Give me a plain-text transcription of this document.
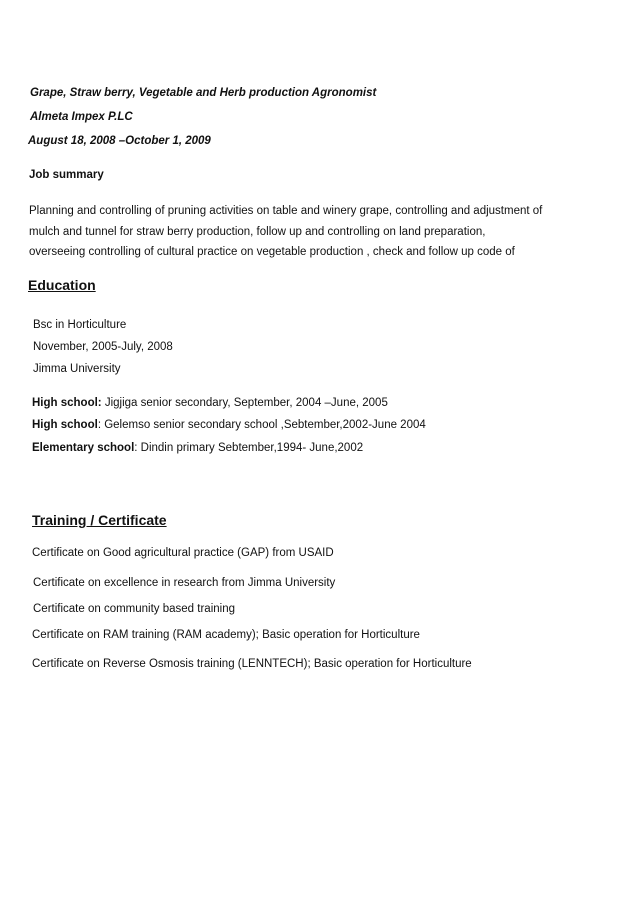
Grape, Straw berry, Vegetable and Herb production Agronomist
Almeta Impex P.LC
August 18, 2008 –October 1, 2009
Job summary
Planning and controlling of pruning activities on table and winery grape, controlling and adjustment of
mulch and tunnel for straw berry production, follow up and controlling on land preparation,
overseeing controlling of cultural practice on vegetable production , check and follow up code of
Education
Bsc in Horticulture
November, 2005-July, 2008
Jimma University
High school: Jigjiga senior secondary, September, 2004 –June, 2005
High school: Gelemso senior secondary school ,Sebtember,2002-June 2004
Elementary school: Dindin primary Sebtember,1994- June,2002
Training / Certificate
Certificate on Good agricultural practice (GAP) from USAID
Certificate on excellence in research from Jimma University
Certificate on community based training
Certificate on RAM training (RAM academy); Basic operation for Horticulture
Certificate on Reverse Osmosis training (LENNTECH); Basic operation for Horticulture
